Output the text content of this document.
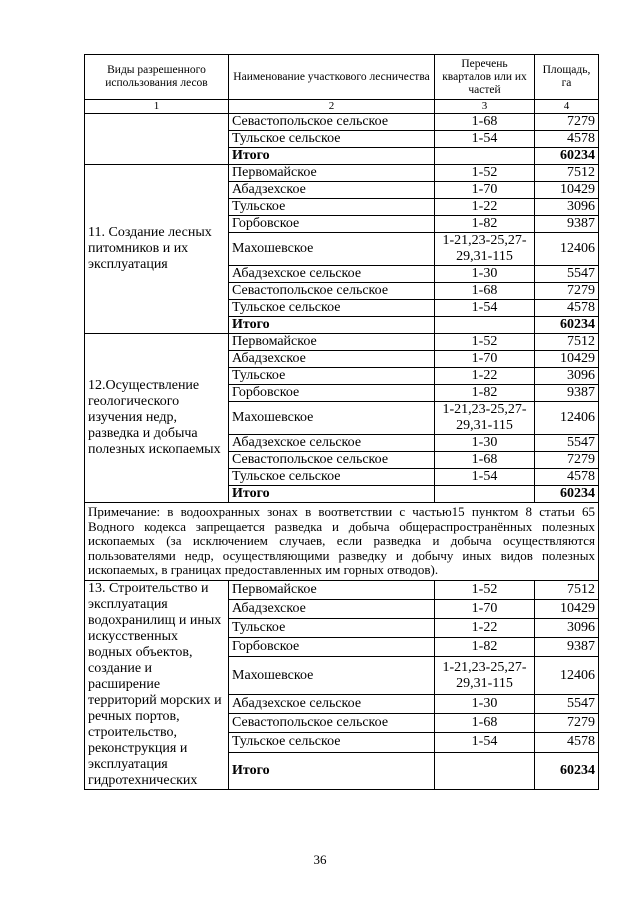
Виды разрешенного использования лесов	Наименование участкового лесничества	Перечень кварталов или их частей	Площадь, га
1	2	3	4
	Севастопольское сельское	1-68	7279
	Тульское сельское	1-54	4578
	Итого		60234
11. Создание лесных питомников и их эксплуатация	Первомайское	1-52	7512
	Абадзехское	1-70	10429
	Тульское	1-22	3096
	Горбовское	1-82	9387
	Махошевское	1-21,23-25,27-29,31-115	12406
	Абадзехское сельское	1-30	5547
	Севастопольское сельское	1-68	7279
	Тульское сельское	1-54	4578
	Итого		60234
12.Осуществление геологического изучения недр, разведка и добыча полезных ископаемых	Первомайское	1-52	7512
	Абадзехское	1-70	10429
	Тульское	1-22	3096
	Горбовское	1-82	9387
	Махошевское	1-21,23-25,27-29,31-115	12406
	Абадзехское сельское	1-30	5547
	Севастопольское сельское	1-68	7279
	Тульское сельское	1-54	4578
	Итого		60234
Примечание: в водоохранных зонах в воответствии с частью15 пунктом 8 статьи 65 Водного кодекса запрещается разведка и добыча общераспространённых полезных ископаемых (за исключением случаев, если разведка и добыча осуществляются пользователями недр, осуществляющими разведку и добычу иных видов полезных ископаемых, в границах предоставленных им горных отводов).			
13. Строительство и эксплуатация водохранилищ и иных искусственных водных объектов, создание и расширение территорий морских и речных портов, строительство, реконструкция и эксплуатация гидротехнических	Первомайское	1-52	7512
	Абадзехское	1-70	10429
	Тульское	1-22	3096
	Горбовское	1-82	9387
	Махошевское	1-21,23-25,27-29,31-115	12406
	Абадзехское сельское	1-30	5547
	Севастопольское сельское	1-68	7279
	Тульское сельское	1-54	4578
	Итого		60234
36
